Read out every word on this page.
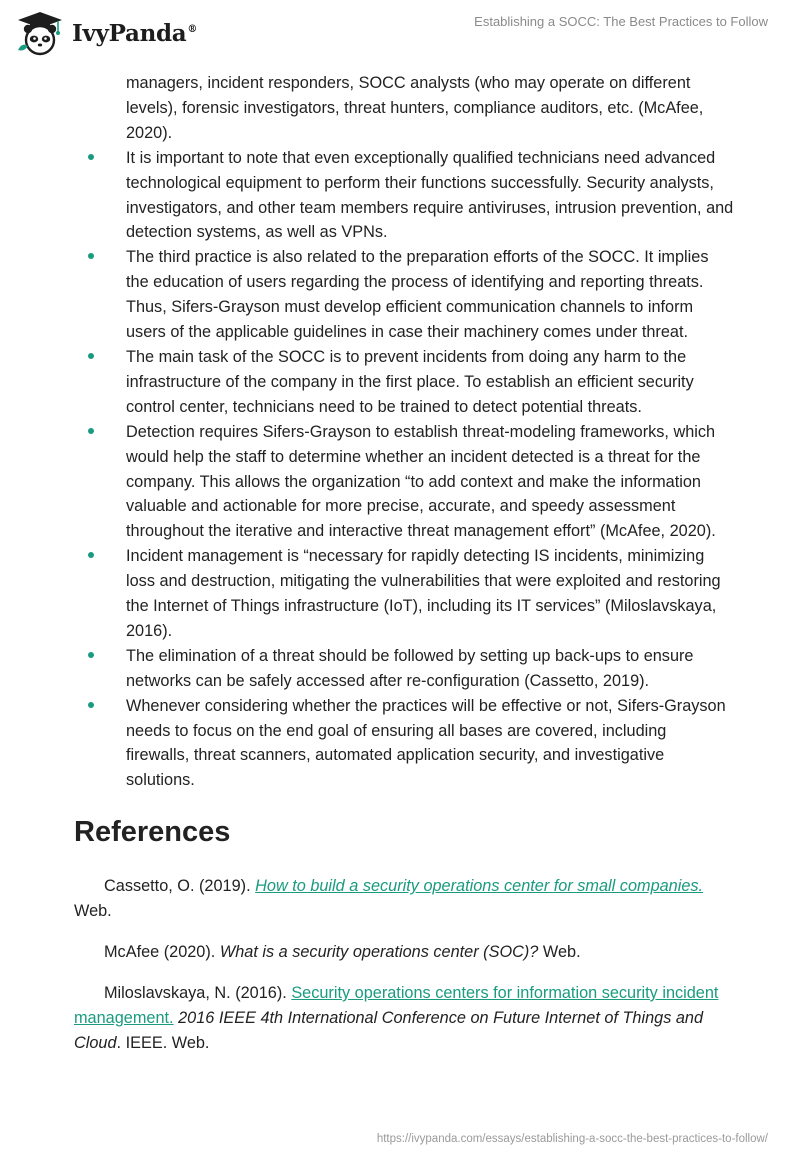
IvyPanda®
Establishing a SOCC: The Best Practices to Follow
managers, incident responders, SOCC analysts (who may operate on different levels), forensic investigators, threat hunters, compliance auditors, etc. (McAfee, 2020).
It is important to note that even exceptionally qualified technicians need advanced technological equipment to perform their functions successfully. Security analysts, investigators, and other team members require antiviruses, intrusion prevention, and detection systems, as well as VPNs.
The third practice is also related to the preparation efforts of the SOCC. It implies the education of users regarding the process of identifying and reporting threats. Thus, Sifers-Grayson must develop efficient communication channels to inform users of the applicable guidelines in case their machinery comes under threat.
The main task of the SOCC is to prevent incidents from doing any harm to the infrastructure of the company in the first place. To establish an efficient security control center, technicians need to be trained to detect potential threats.
Detection requires Sifers-Grayson to establish threat-modeling frameworks, which would help the staff to determine whether an incident detected is a threat for the company. This allows the organization “to add context and make the information valuable and actionable for more precise, accurate, and speedy assessment throughout the iterative and interactive threat management effort” (McAfee, 2020).
Incident management is “necessary for rapidly detecting IS incidents, minimizing loss and destruction, mitigating the vulnerabilities that were exploited and restoring the Internet of Things infrastructure (IoT), including its IT services” (Miloslavskaya, 2016).
The elimination of a threat should be followed by setting up back-ups to ensure networks can be safely accessed after re-configuration (Cassetto, 2019).
Whenever considering whether the practices will be effective or not, Sifers-Grayson needs to focus on the end goal of ensuring all bases are covered, including firewalls, threat scanners, automated application security, and investigative solutions.
References

Cassetto, O. (2019). How to build a security operations center for small companies. Web.

McAfee (2020). What is a security operations center (SOC)? Web.

Miloslavskaya, N. (2016). Security operations centers for information security incident management. 2016 IEEE 4th International Conference on Future Internet of Things and Cloud. IEEE. Web.

https://ivypanda.com/essays/establishing-a-socc-the-best-practices-to-follow/
